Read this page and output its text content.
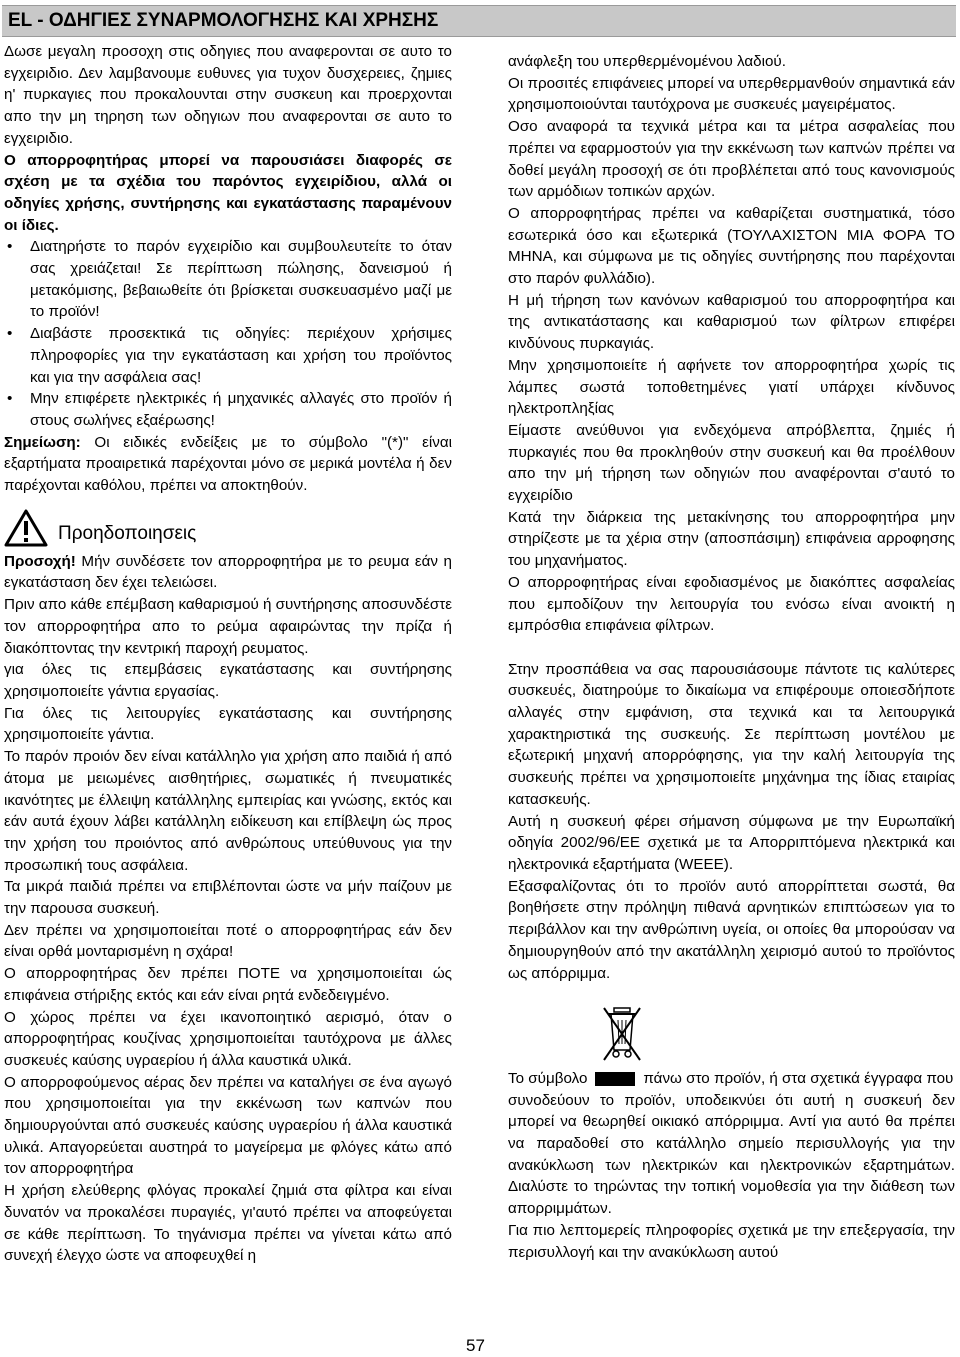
EL - ΟΔΗΓΙΕΣ ΣΥΝΑΡΜΟΛΟΓΗΣΗΣ ΚΑΙ ΧΡΗΣΗΣ

Δωσε μεγαλη προσοχη στις οδηγιες που αναφερονται σε αυτο το εγχειριδιο. Δεν λαμβανουμε ευθυνες για τυχον δυσχερειες, ζημιες η' πυρκαγιες που προκαλουνται στην συσκευη και προερχονται απο την μη τηρηση των οδηγιων που αναφερονται σε αυτο το εγχειριδιο.

Ο απορροφητήρας μπορεί να παρουσιάσει διαφορές σε σχέση με τα σχέδια του παρόντος εγχειρίδιου, αλλά οι οδηγίες χρήσης, συντήρησης και εγκατάστασης παραμένουν οι ίδιες.

• Διατηρήστε το παρόν εγχειρίδιο και συμβουλευτείτε το όταν σας χρειάζεται! Σε περίπτωση πώλησης, δανεισμού ή μετακόμισης, βεβαιωθείτε ότι βρίσκεται συσκευασμένο μαζί με το προϊόν!
• Διαβάστε προσεκτικά τις οδηγίες: περιέχουν χρήσιμες πληροφορίες για την εγκατάσταση και χρήση του προϊόντος και για την ασφάλεια σας!
• Μην επιφέρετε ηλεκτρικές ή μηχανικές αλλαγές στο προϊόν ή στους σωλήνες εξαέρωσης!

Σημείωση: Οι ειδικές ενδείξεις με το σύμβολο "(*)" είναι εξαρτήματα προαιρετικά παρέχονται μόνο σε μερικά μοντέλα ή δεν παρέχονται καθόλου, πρέπει να αποκτηθούν.

Προηδοποιησεις

Προσοχή! Μήν συνδέσετε τον απορροφητήρα με το ρευμα εάν η εγκατάσταση δεν έχει τελειώσει.

Πριν απο κάθε επέμβαση καθαρισμού ή συντήρησης αποσυνδέστε τον απορροφητήρα απο το ρεύμα αφαιρώντας την πρίζα ή διακόπτοντας την κεντρική παροχή ρευματος.

για όλες τις επεμβάσεις εγκατάστασης και συντήρησης χρησιμοποιείτε γάντια εργασίας.

Για όλες τις λειτουργίες εγκατάστασης και συντήρησης χρησιμοποιείτε γάντια.

Το παρόν προιόν δεν είναι κατάλληλο για χρήση απο παιδιά ή από άτομα με μειωμένες αισθητήριες, σωματικές ή πνευματικές ικανότητες με έλλειψη κατάλληλης εμπειρίας και γνώσης, εκτός και εάν αυτά έχουν λάβει κατάλληλη ειδίκευση και επίβλεψη ώς προς την χρήση του προιόντος από ανθρώπους υπεύθυνους για την προσωπική τους ασφάλεια.

Τα μικρά παιδιά πρέπει να επιβλέπονται ώστε να μήν παίζουν με την παρουσα συσκευή.

Δεν πρέπει να χρησιμοποιείται ποτέ ο απορροφητήρας εάν δεν είναι ορθά μονταρισμένη η σχάρα!

Ο απορροφητήρας δεν πρέπει ΠΟΤΕ να χρησιμοποιείται ώς επιφάνεια στήριξης εκτός και εάν είναι ρητά ενδεδειγμένο.

Ο χώρος πρέπει να έχει ικανοποιητικό αερισμό, όταν ο απορροφητήρας κουζίνας χρησιμοποιείται ταυτόχρονα με άλλες συσκευές καύσης υγραερίου ή άλλα καυστικά υλικά.

Ο απορροφούμενος αέρας δεν πρέπει να καταλήγει σε ένα αγωγό που χρησιμοποιείται για την εκκένωση των καπνών που δημιουργούνται από συσκευές καύσης υγραερίου ή άλλα καυστικά υλικά. Απαγορεύεται αυστηρά το μαγείρεμα με φλόγες κάτω από τον απορροφητήρα

Η χρήση ελεύθερης φλόγας προκαλεί ζημιά στα φίλτρα και είναι δυνατόν να προκαλέσει πυραγιές, γι'αυτό πρέπει να αποφεύγεται σε κάθε περίπτωση. Το τηγάνισμα πρέπει να γίνεται κάτω από συνεχή έλεγχο ώστε να αποφευχθεί η

ανάφλεξη του υπερθερμένομένου λαδιού.

Οι προσιτές επιφάνειες μπορεί να υπερθερμανθούν σημαντικά εάν χρησιμοποιούνται ταυτόχρονα με συσκευές μαγειρέματος.

Οσο αναφορά τα τεχνικά μέτρα και τα μέτρα ασφαλείας που πρέπει να εφαρμοστούν για την εκκένωση των καπνών πρέπει να δοθεί μεγάλη προσοχή σε ότι προβλέπεται από τους κανονισμούς των αρμόδιων τοπικών αρχών.

Ο απορροφητήρας πρέπει να καθαρίζεται συστηματικά, τόσο εσωτερικά όσο και εξωτερικά (ΤΟΥΛΑΧΙΣΤΟΝ ΜΙΑ ΦΟΡΑ ΤΟ ΜΗΝΑ, και σύμφωνα με τις οδηγίες συντήρησης που παρέχονται στο παρόν φυλλάδιο).

Η μή τήρηση των κανόνων καθαρισμού του απορροφητήρα και της αντικατάστασης και καθαρισμού των φίλτρων επιφέρει κινδύνους πυρκαγιάς.

Μην χρησιμοποιείτε ή αφήνετε τον απορροφητήρα χωρίς τις λάμπες σωστά τοποθετημένες γιατί υπάρχει κίνδυνος ηλεκτροπληξίας

Είμαστε ανεύθυνοι για ενδεχόμενα απρόβλεπτα, ζημιές ή πυρκαγιές που θα προκληθούν στην συσκευή και θα προέλθουν απο την μή τήρηση των οδηγιών που αναφέρονται σ'αυτό το εγχειρίδιο

Κατά την διάρκεια της μετακίνησης του απορροφητήρα μην στηρίζεστε με τα χέρια στην (αποσπάσιμη) επιφάνεια αρροφησης του μηχανήματος.

Ο απορροφητήρας είναι εφοδιασμένος με διακόπτες ασφαλείας που εμποδίζουν την λειτουργία του ενόσω είναι ανοικτή η εμπρόσθια επιφάνεια φίλτρων.

Στην προσπάθεια να σας παρουσιάσουμε πάντοτε τις καλύτερες συσκευές, διατηρούμε το δικαίωμα να επιφέρουμε οποιεσδήποτε αλλαγές στην εμφάνιση, στα τεχνικά και τα λειτουργικά χαρακτηριστικά της συσκευής. Σε περίπτωση μοντέλου με εξωτερική μηχανή απορρόφησης, για την καλή λειτουργία της συσκευής πρέπει να χρησιμοποιείτε μηχάνημα της ίδιας εταιρίας κατασκευής.

Αυτή η συσκευή φέρει σήμανση σύμφωνα με την Ευρωπαϊκή οδηγία 2002/96/EE σχετικά με τα Απορριπτόμενα ηλεκτρικά και ηλεκτρονικά εξαρτήματα (WEEE).

Εξασφαλίζοντας ότι το προϊόν αυτό απορρίπτεται σωστά, θα βοηθήσετε στην πρόληψη πιθανά αρνητικών επιπτώσεων για το περιβάλλον και την ανθρώπινη υγεία, οι οποίες θα μπορούσαν να δημιουργηθούν από την ακατάλληλη χειρισμό αυτού το προϊόντος ως απόρριμμα.

Το σύμβολο	πάνω στο προϊόν, ή στα σχετικά έγγραφα που

συνοδεύουν το προϊόν, υποδεικνύει ότι αυτή η συσκευή δεν μπορεί να θεωρηθεί οικιακό απόρριμμα. Αντί για αυτό θα πρέπει να παραδοθεί στο κατάλληλο σημείο περισυλλογής για την ανακύκλωση των ηλεκτρικών και ηλεκτρονικών εξαρτημάτων. Διαλύστε το τηρώντας την τοπική νομοθεσία για την διάθεση των απορριμμάτων.

Για πιο λεπτομερείς πληροφορίες σχετικά με την επεξεργασία, την περισυλλογή και την ανακύκλωση αυτού

57
